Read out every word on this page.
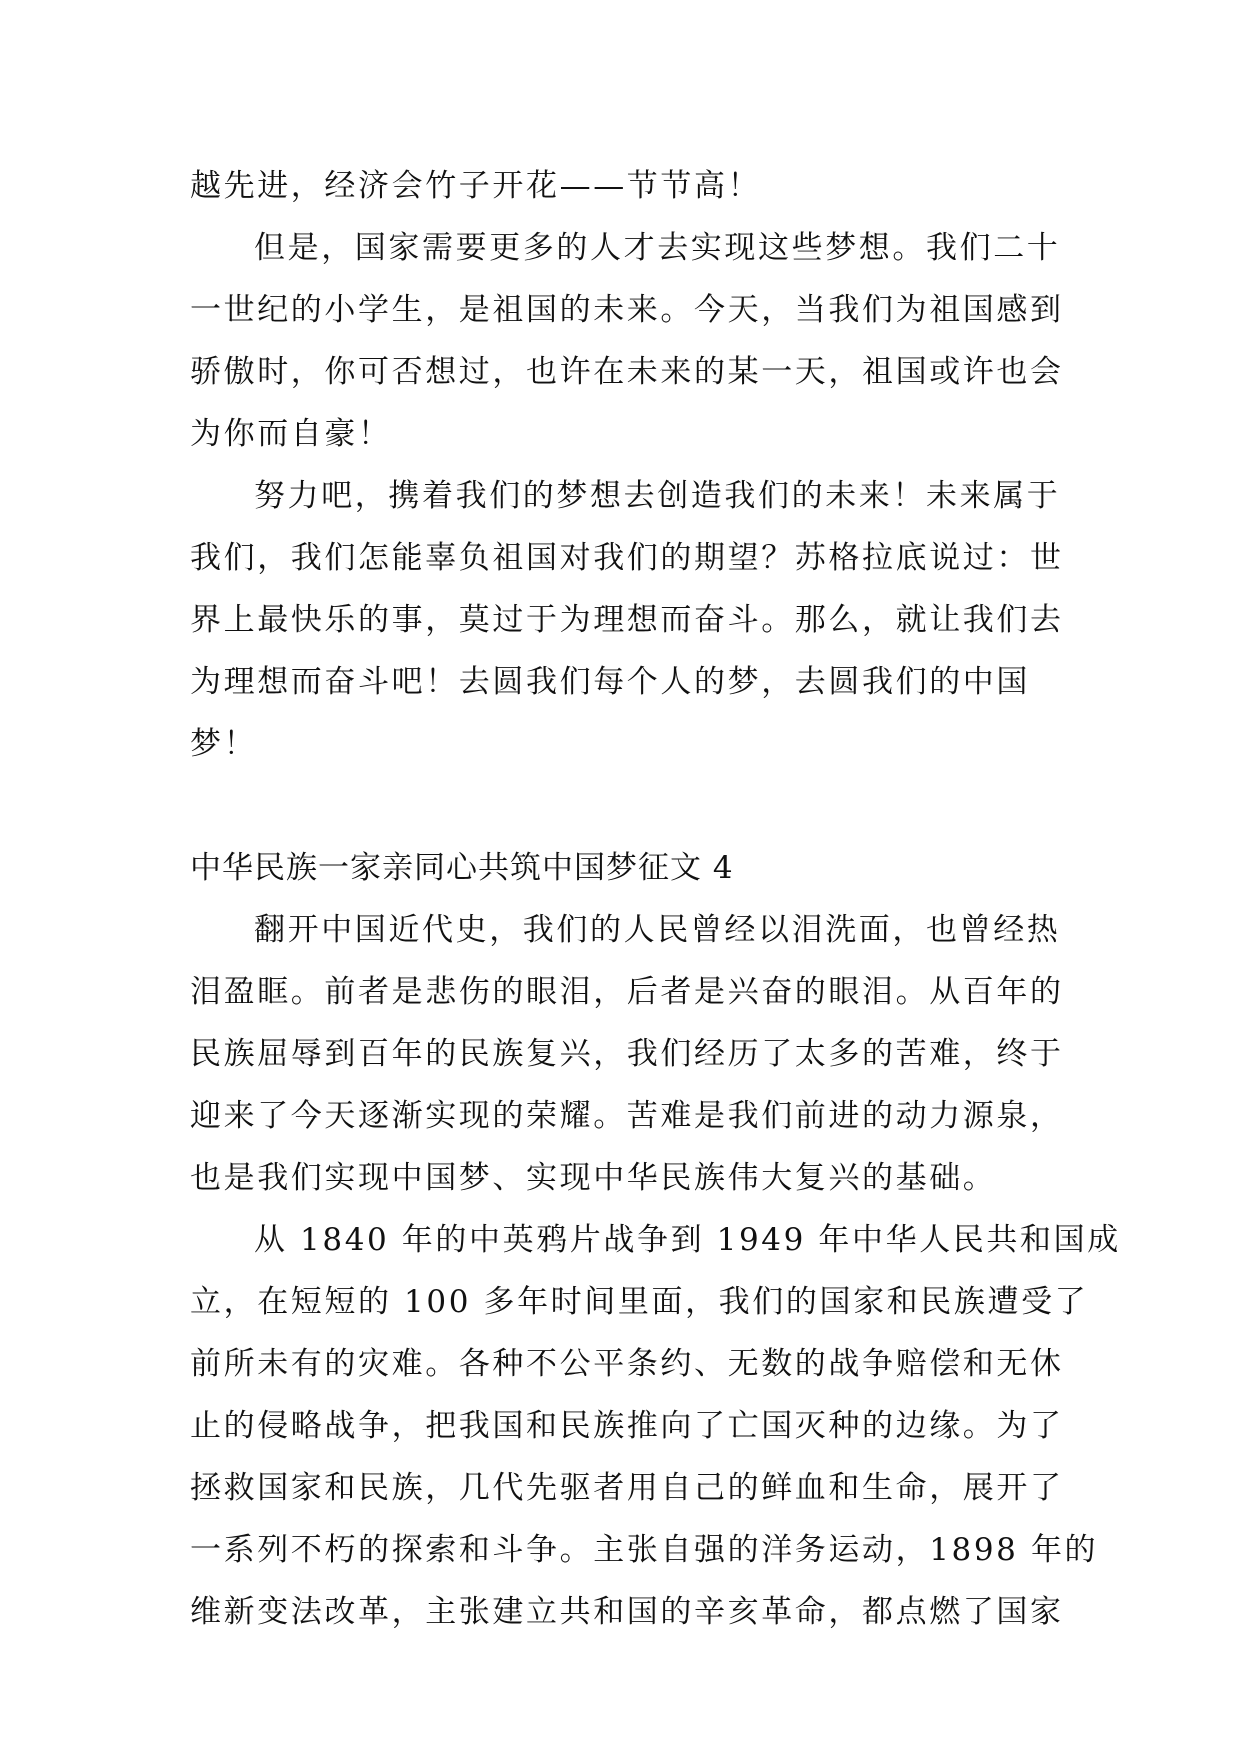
越先进，经济会竹子开花——节节高！
但是，国家需要更多的人才去实现这些梦想。我们二十
一世纪的小学生，是祖国的未来。今天，当我们为祖国感到
骄傲时，你可否想过，也许在未来的某一天，祖国或许也会
为你而自豪！
努力吧，携着我们的梦想去创造我们的未来！未来属于
我们，我们怎能辜负祖国对我们的期望？苏格拉底说过：世
界上最快乐的事，莫过于为理想而奋斗。那么，就让我们去
为理想而奋斗吧！去圆我们每个人的梦，去圆我们的中国
梦！
中华民族一家亲同心共筑中国梦征文 4
翻开中国近代史，我们的人民曾经以泪洗面，也曾经热
泪盈眶。前者是悲伤的眼泪，后者是兴奋的眼泪。从百年的
民族屈辱到百年的民族复兴，我们经历了太多的苦难，终于
迎来了今天逐渐实现的荣耀。苦难是我们前进的动力源泉，
也是我们实现中国梦、实现中华民族伟大复兴的基础。
从 1840 年的中英鸦片战争到 1949 年中华人民共和国成
立，在短短的 100 多年时间里面，我们的国家和民族遭受了
前所未有的灾难。各种不公平条约、无数的战争赔偿和无休
止的侵略战争，把我国和民族推向了亡国灭种的边缘。为了
拯救国家和民族，几代先驱者用自己的鲜血和生命，展开了
一系列不朽的探索和斗争。主张自强的洋务运动，1898 年的
维新变法改革，主张建立共和国的辛亥革命，都点燃了国家
